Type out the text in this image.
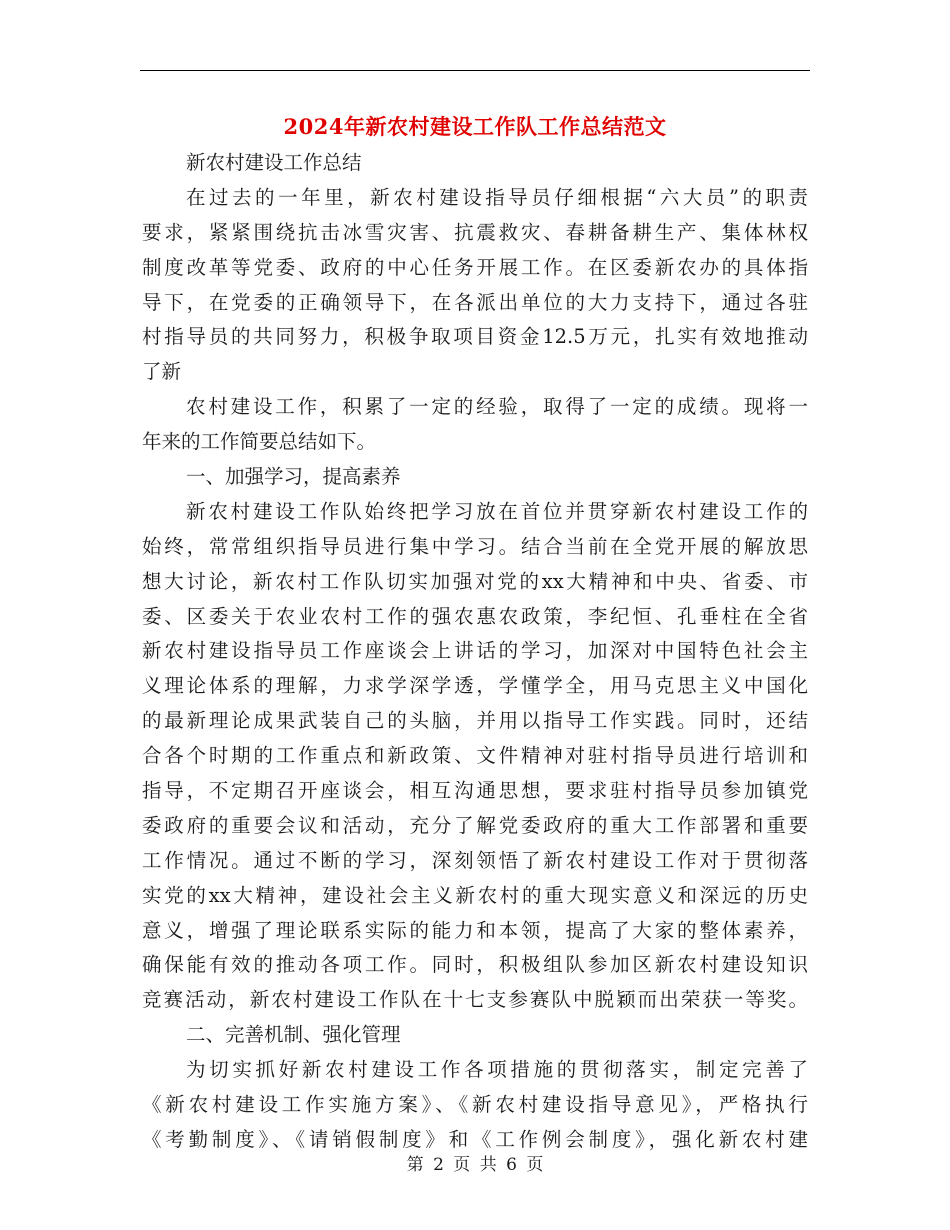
2024年新农村建设工作队工作总结范文
新农村建设工作总结
在过去的一年里，新农村建设指导员仔细根据“六大员”的职责
要求，紧紧围绕抗击冰雪灾害、抗震救灾、春耕备耕生产、集体林权
制度改革等党委、政府的中心任务开展工作。在区委新农办的具体指
导下，在党委的正确领导下，在各派出单位的大力支持下，通过各驻
村指导员的共同努力，积极争取项目资金12.5万元，扎实有效地推动
了新
农村建设工作，积累了一定的经验，取得了一定的成绩。现将一
年来的工作简要总结如下。
一、加强学习，提高素养
新农村建设工作队始终把学习放在首位并贯穿新农村建设工作的
始终，常常组织指导员进行集中学习。结合当前在全党开展的解放思
想大讨论，新农村工作队切实加强对党的xx大精神和中央、省委、市
委、区委关于农业农村工作的强农惠农政策，李纪恒、孔垂柱在全省
新农村建设指导员工作座谈会上讲话的学习，加深对中国特色社会主
义理论体系的理解，力求学深学透，学懂学全，用马克思主义中国化
的最新理论成果武装自己的头脑，并用以指导工作实践。同时，还结
合各个时期的工作重点和新政策、文件精神对驻村指导员进行培训和
指导，不定期召开座谈会，相互沟通思想，要求驻村指导员参加镇党
委政府的重要会议和活动，充分了解党委政府的重大工作部署和重要
工作情况。通过不断的学习，深刻领悟了新农村建设工作对于贯彻落
实党的xx大精神，建设社会主义新农村的重大现实意义和深远的历史
意义，增强了理论联系实际的能力和本领，提高了大家的整体素养，
确保能有效的推动各项工作。同时，积极组队参加区新农村建设知识
竞赛活动，新农村建设工作队在十七支参赛队中脱颖而出荣获一等奖。
二、完善机制、强化管理
为切实抓好新农村建设工作各项措施的贯彻落实，制定完善了
《新农村建设工作实施方案》、《新农村建设指导意见》，严格执行
《考勤制度》、《请销假制度》和《工作例会制度》，强化新农村建
第 2 页 共 6 页
